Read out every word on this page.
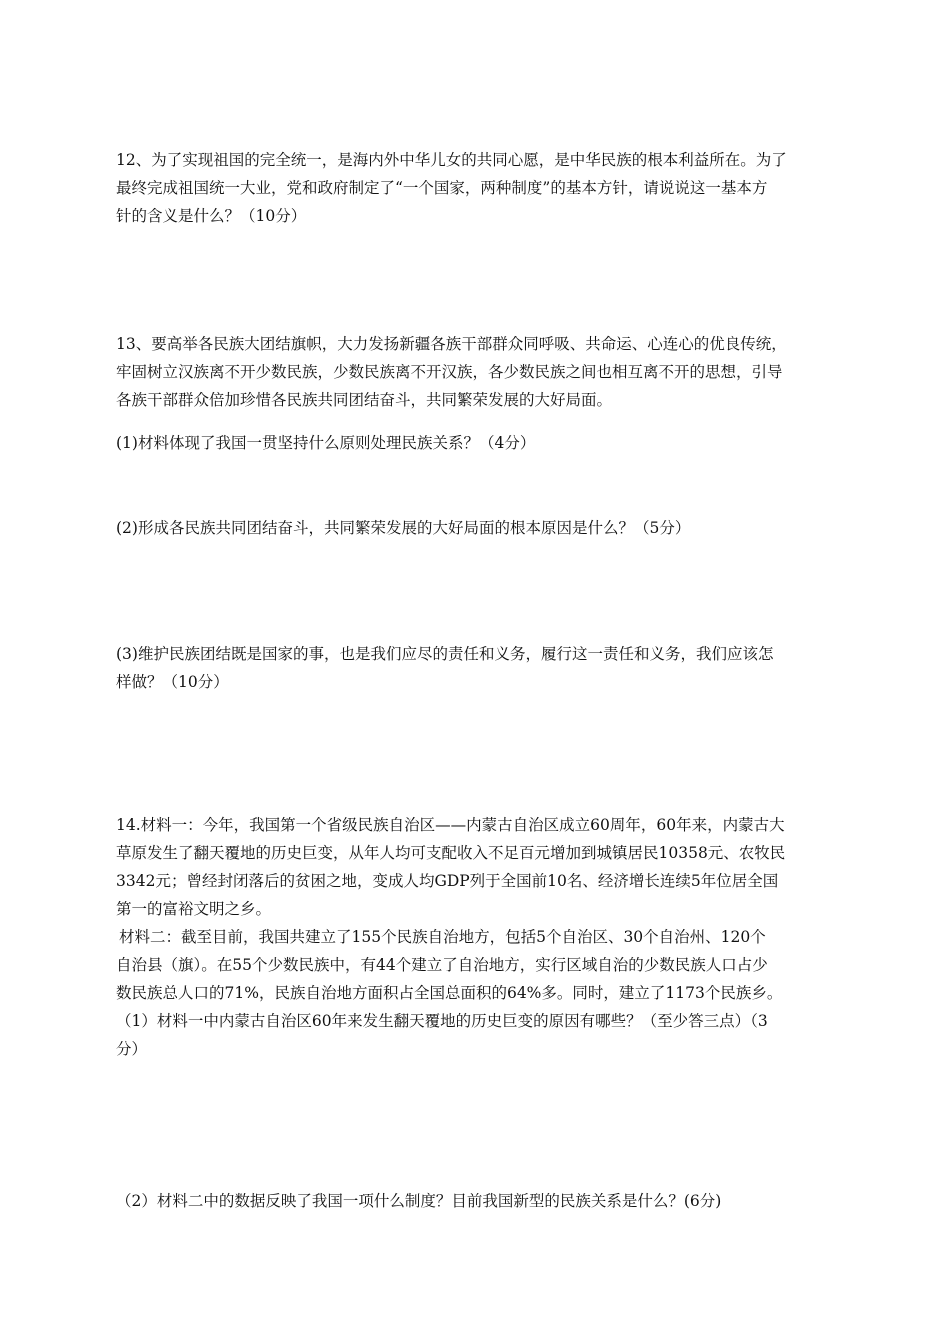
12、为了实现祖国的完全统一，是海内外中华儿女的共同心愿，是中华民族的根本利益所在。为了
最终完成祖国统一大业，党和政府制定了“一个国家，两种制度”的基本方针，请说说这一基本方
针的含义是什么？（10分）
13、要高举各民族大团结旗帜，大力发扬新疆各族干部群众同呼吸、共命运、心连心的优良传统，
牢固树立汉族离不开少数民族，少数民族离不开汉族，各少数民族之间也相互离不开的思想，引导
各族干部群众倍加珍惜各民族共同团结奋斗，共同繁荣发展的大好局面。
(1)材料体现了我国一贯坚持什么原则处理民族关系？（4分）
(2)形成各民族共同团结奋斗，共同繁荣发展的大好局面的根本原因是什么？（5分）
(3)维护民族团结既是国家的事，也是我们应尽的责任和义务，履行这一责任和义务，我们应该怎
样做？（10分）
14.材料一：今年，我国第一个省级民族自治区——内蒙古自治区成立60周年，60年来，内蒙古大
草原发生了翻天覆地的历史巨变，从年人均可支配收入不足百元增加到城镇居民10358元、农牧民
3342元；曾经封闭落后的贫困之地，变成人均GDP列于全国前10名、经济增长连续5年位居全国
第一的富裕文明之乡。
材料二：截至目前，我国共建立了155个民族自治地方，包括5个自治区、30个自治州、120个
自治县（旗）。在55个少数民族中，有44个建立了自治地方，实行区域自治的少数民族人口占少
数民族总人口的71%，民族自治地方面积占全国总面积的64%多。同时，建立了1173个民族乡。
（1）材料一中内蒙古自治区60年来发生翻天覆地的历史巨变的原因有哪些？（至少答三点）（3
分）
（2）材料二中的数据反映了我国一项什么制度？目前我国新型的民族关系是什么？(6分)
